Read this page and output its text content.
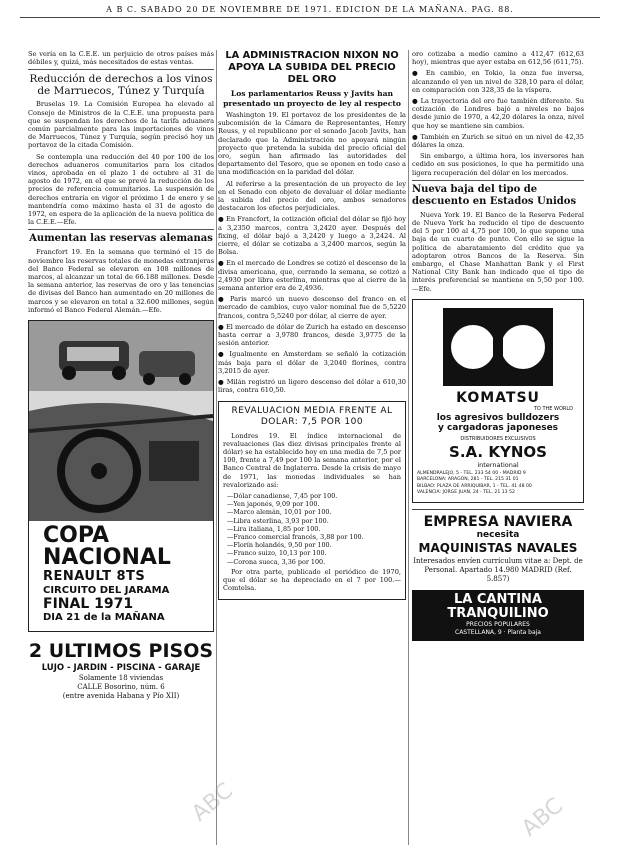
A B C. SABADO 20 DE NOVIEMBRE DE 1971. EDICION DE LA MAÑANA. PAG. 88.

Se vería en la C.E.E. un perjuicio de otros países más débiles y, quizá, más necesitados de estas ventas.

Reducción de derechos a los vinos de Marruecos, Túnez y Turquía

Bruselas 19. La Comisión Europea ha elevado al Consejo de Ministros de la C.E.E. una propuesta para que se suspendan los derechos de la tarifa aduanera común parcialmente para las importaciones de vinos de Marruecos, Túnez y Turquía, según precisó hoy un portavoz de la citada Comisión.

Se contempla una reducción del 40 por 100 de los derechos aduaneros comunitarios para los citados vinos, aprobada en el plazo 1 de octubre al 31 de agosto de 1972, en el que se prevé la reducción de los precios de referencia comunitarios. La suspensión de derechos entraría en vigor el próximo 1 de enero y se mantendría como máximo hasta el 31 de agosto de 1972, en espera de la aplicación de la nueva política de la C.E.E.—Efe.

Aumentan las reservas alemanas

Francfort 19. En la semana que terminó el 15 de noviembre las reservas totales de monedas extranjeras del Banco Federal se elevaron en 108 millones de marcos, al alcanzar un total de 66.188 millones. Desde la semana anterior, las reservas de oro y las tenencias de divisas del Banco han aumentado en 20 millones de marcos y se elevaron en total a 32.600 millones, según informó el Banco Federal Alemán.—Efe.

COPA
NACIONAL
RENAULT 8TS
CIRCUITO DEL JARAMA
FINAL 1971
DIA 21 de la MAÑANA
2 ULTIMOS PISOS
LUJO - JARDIN - PISCINA - GARAJE
Solamente 18 viviendas
CALLE Bosorino, núm. 6
(entre avenida Habana y Pío XII)
LA ADMINISTRACION NIXON NO APOYA LA SUBIDA DEL PRECIO DEL ORO
Los parlamentarios Reuss y Javits han presentado un proyecto de ley al respecto

Washington 19. El portavoz de los presidentes de la subcomisión de la Cámara de Representantes, Henry Reuss, y el republicano por el senado Jacob Javits, han declarado que la Administración no apoyará ningún proyecto que pretenda la subida del precio oficial del oro, según han afirmado las autoridades del departamento del Tesoro, que se oponen en todo caso a una modificación en la paridad del dólar.

Al referirse a la presentación de un proyecto de ley en el Senado con objeto de devaluar el dólar mediante la subida del precio del oro, ambos senadores destacaron los efectos perjudiciales.

● En Francfort, la cotización oficial del dólar se fijó hoy a 3,2350 marcos, contra 3,2420 ayer. Después del fixing, el dólar bajó a 3,2420 y luego a 3,2424. Al cierre, el dólar se cotizaba a 3,2400 marcos, según la Bolsa.

● En el mercado de Londres se cotizó el descenso de la divisa americana, que, cerrando la semana, se cotizó a 2,4930 por libra esterlina, mientras que al cierre de la semana anterior era de 2,4936.

● Paris marcó un nuevo descenso del franco en el mercado de cambios, cuyo valor nominal fue de 5,5220 francos, contra 5,5240 por dólar, al cierre de ayer.

● El mercado de dólar de Zurich ha estado en descenso hasta cerrar a 3,9780 francos, desde 3,9775 de la sesión anterior.

● Igualmente en Amsterdam se señaló la cotización más baja para el dólar de 3,2040 florines, contra 3,2015 de ayer.

● Milán registró un ligero descenso del dólar a 610,30 liras, contra 610,50.

REVALUACION MEDIA FRENTE AL DOLAR: 7,5 POR 100

Londres 19. El índice internacional de revaluaciones (las diez divisas principales frente al dólar) se ha establecido hoy en una media de 7,5 por 100, frente a 7,49 por 100 la semana anterior, por el Banco Central de Inglaterra. Desde la crisis de mayo de 1971, las monedas individuales se han revalorizado así:

—Dólar canadiense, 7,45 por 100.
—Yen japonés, 9,09 por 100.
—Marco alemán, 10,01 por 100.
—Libra esterlina, 3,93 por 100.
—Lira italiana, 1,85 por 100.
—Franco comercial francés, 3,88 por 100.
—Florín holandés, 9,50 por 100.
—Franco suizo, 10,13 por 100.
—Corona sueca, 3,36 por 100.

Por otra parte, publicado el periódico de 1970, que el dólar se ha depreciado en el 7 por 100.—Comtelsa.

oro cotizaba a medio camino a 412,47 (612,63 hoy), mientras que ayer estaba en 612,56 (611,75).

● En cambio, en Tokio, la onza fue inversa, alcanzando el yen un nivel de 328,10 para el dólar, en comparación con 328,35 de la víspera.

● La trayectoria del oro fue también diferente. Su cotización de Londres bajó a niveles no bajos desde junio de 1970, a 42,20 dólares la onza, nivel que hoy se mantiene sin cambios.

● También en Zurich se situó en un nivel de 42,35 dólares la onza.

Sin embargo, a última hora, los inversores han cedido en sus posiciones, lo que ha permitido una ligera recuperación del dólar en los mercados.

Nueva baja del tipo de descuento en Estados Unidos

Nueva York 19. El Banco de la Reserva Federal de Nueva York ha reducido el tipo de descuento del 5 por 100 al 4,75 por 100, lo que supone una baja de un cuarto de punto. Con ello se sigue la política de abaratamiento del crédito que ya adoptaron otros Bancos de la Reserva. Sin embargo, el Chase Manhattan Bank y el First National City Bank han indicado que el tipo de interés preferencial se mantiene en 5,50 por 100.—Efe.

KOMATSU
TO THE WORLD
los agresivos bulldozers
y cargadoras japoneses
DISTRIBUIDORES EXCLUSIVOS
S.A. KYNOS
international
ALMENDRALEJO, 5 - TEL. 233 54 00 - MADRID 9
BARCELONA: ARAGON, 281 - TEL. 215 31 01
BILBAO: PLAZA DE ARRIQUIBAR, 1 - TEL. 41 48 00
VALENCIA: JORGE JUAN, 24 - TEL. 21 13 52
EMPRESA NAVIERA
necesita
MAQUINISTAS NAVALES
Interesados envíen currículum vitae a: Dept. de Personal. Apartado 14.980 MADRID (Ref. 5.857)
LA CANTINA
TRANQUILINO
PRECIOS POPULARES
CASTELLANA, 9 · Planta baja
ABC	ABC
